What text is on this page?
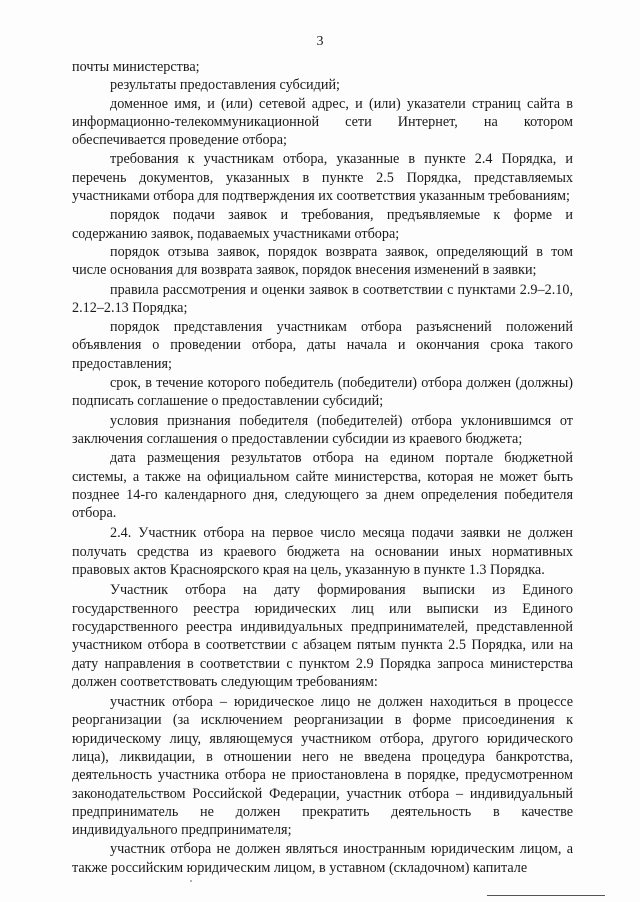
3

почты министерства;

результаты предоставления субсидий;

доменное имя, и (или) сетевой адрес, и (или) указатели страниц сайта в информационно-телекоммуникационной сети Интернет, на котором обеспечивается проведение отбора;

требования к участникам отбора, указанные в пункте 2.4 Порядка, и перечень документов, указанных в пункте 2.5 Порядка, представляемых участниками отбора для подтверждения их соответствия указанным требованиям;

порядок подачи заявок и требования, предъявляемые к форме и содержанию заявок, подаваемых участниками отбора;

порядок отзыва заявок, порядок возврата заявок, определяющий в том числе основания для возврата заявок, порядок внесения изменений в заявки;

правила рассмотрения и оценки заявок в соответствии с пунктами 2.9–2.10, 2.12–2.13 Порядка;

порядок представления участникам отбора разъяснений положений объявления о проведении отбора, даты начала и окончания срока такого предоставления;

срок, в течение которого победитель (победители) отбора должен (должны) подписать соглашение о предоставлении субсидий;

условия признания победителя (победителей) отбора уклонившимся от заключения соглашения о предоставлении субсидии из краевого бюджета;

дата размещения результатов отбора на едином портале бюджетной системы, а также на официальном сайте министерства, которая не может быть позднее 14-го календарного дня, следующего за днем определения победителя отбора.

2.4. Участник отбора на первое число месяца подачи заявки не должен получать средства из краевого бюджета на основании иных нормативных правовых актов Красноярского края на цель, указанную в пункте 1.3 Порядка.

Участник отбора на дату формирования выписки из Единого государственного реестра юридических лиц или выписки из Единого государственного реестра индивидуальных предпринимателей, представленной участником отбора в соответствии с абзацем пятым пункта 2.5 Порядка, или на дату направления в соответствии с пунктом 2.9 Порядка запроса министерства должен соответствовать следующим требованиям:

участник отбора – юридическое лицо не должен находиться в процессе реорганизации (за исключением реорганизации в форме присоединения к юридическому лицу, являющемуся участником отбора, другого юридического лица), ликвидации, в отношении него не введена процедура банкротства, деятельность участника отбора не приостановлена в порядке, предусмотренном законодательством Российской Федерации, участник отбора – индивидуальный предприниматель не должен прекратить деятельность в качестве индивидуального предпринимателя;

участник отбора не должен являться иностранным юридическим лицом, а также российским юридическим лицом, в уставном (складочном) капитале
